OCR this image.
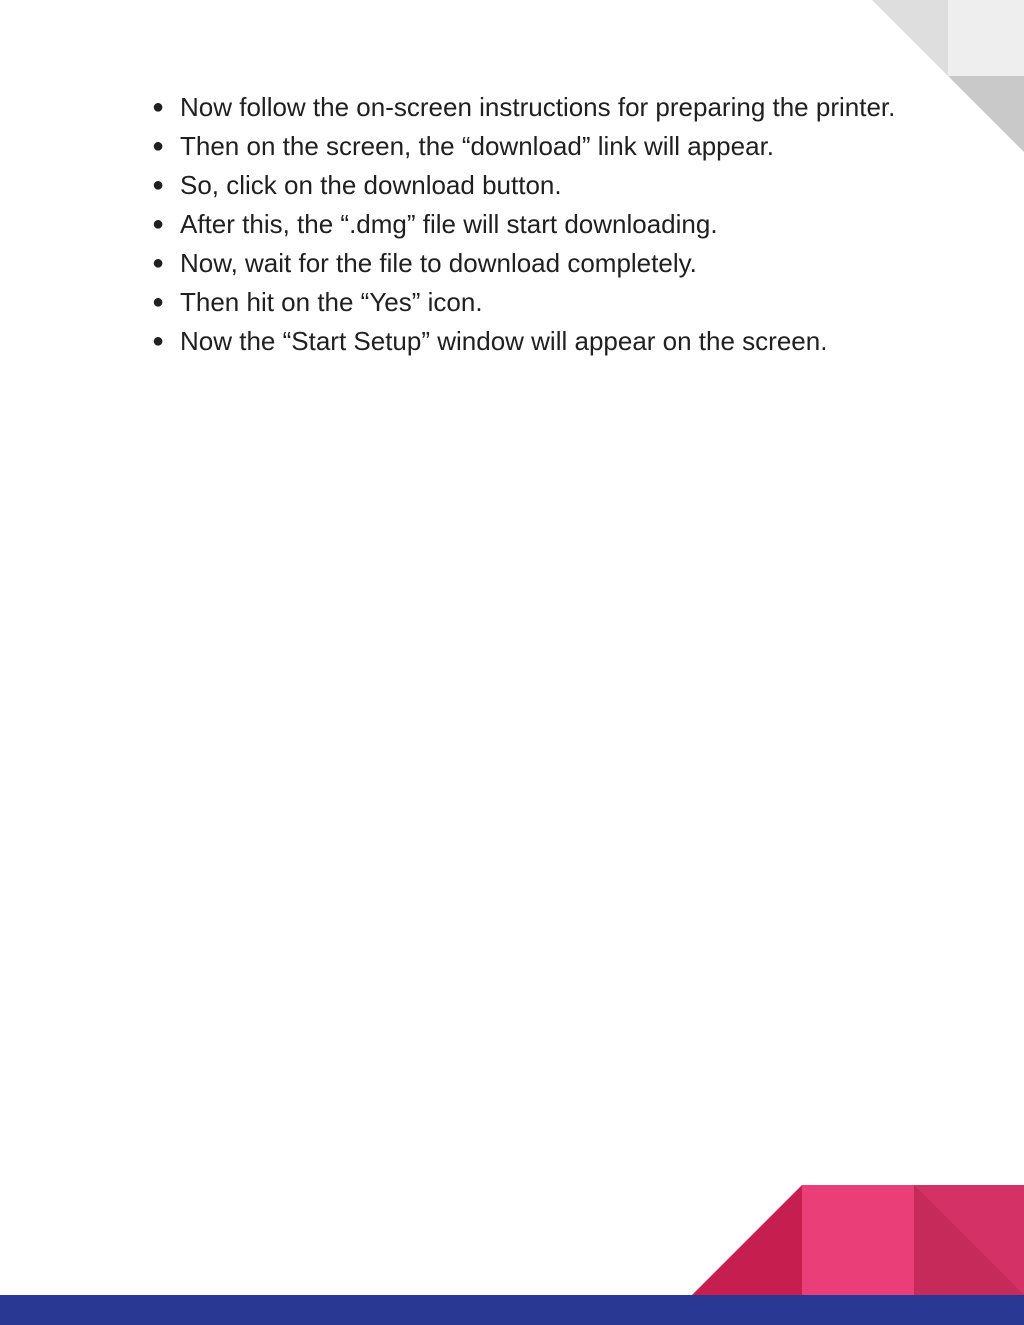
● Now follow the on-screen instructions for preparing the printer.
● Then on the screen, the “download” link will appear.
● So, click on the download button.
● After this, the “.dmg” file will start downloading.
● Now, wait for the file to download completely.
● Then hit on the “Yes” icon.
● Now the “Start Setup” window will appear on the screen.
